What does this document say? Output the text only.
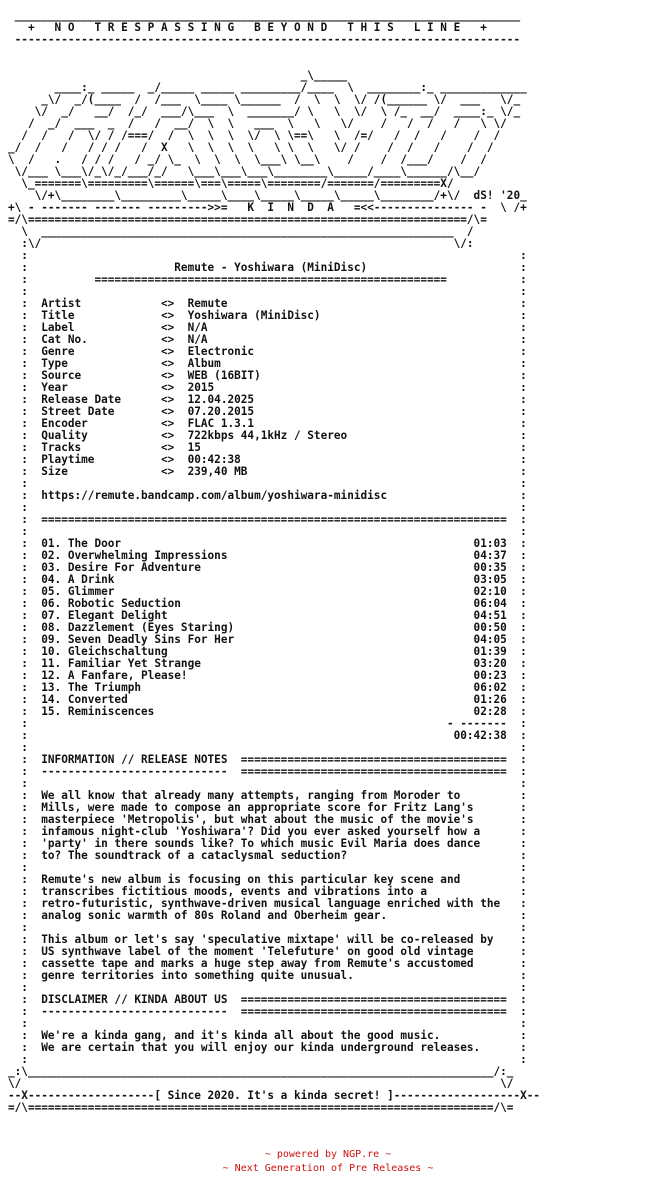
____________________________________________________________________________
+   N O   T R E S P A S S I N G   B E Y O N D   T H I S   L I N E   +
----------------------------------------------------------------------------

_\_____
____:_ _____  _/_____ _____ _________/____  \  ________:_ _____________
_\/  _/(____  /  /___  \____ \______  /  \  \  \/ /(______ \/  ___   \/_
\/  _/   __/  /_/  ___/\___  \  _______/ \   \  \/  \ /_  __/  ____:_ \/_
/  _/  ___  _  /   /  __/  \  \   ___  \   \   \/    /   /  /   /   \ \/
/  /   /  \/ / /===/  /  \  \  \  \/  \ \==\   \  /=/   /  /   /    /  /
_/  /   /   / / /   /  X   \  \  \  \   \ \  \   \/ /    /  /   /    /  /
\  /   .   / / /   / _/ \_  \  \  \  \___\ \__\    /    /  /___/    /  /
\/___ \___\/_\/_/___/_/   \___\___\___\________\_____/____\______/\__/
\_=======\=========\======\===\=====\========/=======/=========X/
\/+\________\_________\_____\____\_____\_____\_____\________/+\/  dS! '20_
+\ - ------- ------- --------->>=   K  I  N  D  A   =<<--------------- -  \ /+
=/\==================================================================/\=
\  ______________________________________________________________  /
:\/                                                              \/:
:                                                                          :
:                      Remute - Yoshiwara (MiniDisc)                       :
:          =====================================================           :
:                                                                          :
:  Artist            <>  Remute                                            :
:  Title             <>  Yoshiwara (MiniDisc)                              :
:  Label             <>  N/A                                               :
:  Cat No.           <>  N/A                                               :
:  Genre             <>  Electronic                                        :
:  Type              <>  Album                                             :
:  Source            <>  WEB (16BIT)                                       :
:  Year              <>  2015                                              :
:  Release Date      <>  12.04.2025                                        :
:  Street Date       <>  07.20.2015                                        :
:  Encoder           <>  FLAC 1.3.1                                        :
:  Quality           <>  722kbps 44,1kHz / Stereo                          :
:  Tracks            <>  15                                                :
:  Playtime          <>  00:42:38                                          :
:  Size              <>  239,40 MB                                         :
:                                                                          :
:  https://remute.bandcamp.com/album/yoshiwara-minidisc                    :
:                                                                          :
:  ======================================================================  :
:                                                                          :
:  01. The Door                                                     01:03  :
:  02. Overwhelming Impressions                                     04:37  :
:  03. Desire For Adventure                                         00:35  :
:  04. A Drink                                                      03:05  :
:  05. Glimmer                                                      02:10  :
:  06. Robotic Seduction                                            06:04  :
:  07. Elegant Delight                                              04:51  :
:  08. Dazzlement (Eyes Staring)                                    00:50  :
:  09. Seven Deadly Sins For Her                                    04:05  :
:  10. Gleichschaltung                                              01:39  :
:  11. Familiar Yet Strange                                         03:20  :
:  12. A Fanfare, Please!                                           00:23  :
:  13. The Triumph                                                  06:02  :
:  14. Converted                                                    01:26  :
:  15. Reminiscences                                                02:28  :
:                                                               - -------  :
:                                                                00:42:38  :
:                                                                          :
:  INFORMATION // RELEASE NOTES  ========================================  :
:  ----------------------------  ========================================  :
:                                                                          :
:  We all know that already many attempts, ranging from Moroder to         :
:  Mills, were made to compose an appropriate score for Fritz Lang's       :
:  masterpiece 'Metropolis', but what about the music of the movie's       :
:  infamous night-club 'Yoshiwara'? Did you ever asked yourself how a      :
:  'party' in there sounds like? To which music Evil Maria does dance      :
:  to? The soundtrack of a cataclysmal seduction?                          :
:                                                                          :
:  Remute's new album is focusing on this particular key scene and         :
:  transcribes fictitious moods, events and vibrations into a              :
:  retro-futuristic, synthwave-driven musical language enriched with the   :
:  analog sonic warmth of 80s Roland and Oberheim gear.                    :
:                                                                          :
:  This album or let's say 'speculative mixtape' will be co-released by    :
:  US synthwave label of the moment 'Telefuture' on good old vintage       :
:  cassette tape and marks a huge step away from Remute's accustomed       :
:  genre territories into something quite unusual.                         :
:                                                                          :
:  DISCLAIMER // KINDA ABOUT US  ========================================  :
:  ----------------------------  ========================================  :
:                                                                          :
:  We're a kinda gang, and it's kinda all about the good music.            :
:  We are certain that you will enjoy our kinda underground releases.      :
:                                                                          :
_:\______________________________________________________________________/:_
\/                                                                        \/
--X-------------------[ Since 2020. It's a kinda secret! ]-------------------X--
=/\======================================================================/\=
~ powered by NGP.re ~
~ Next Generation of Pre Releases ~
